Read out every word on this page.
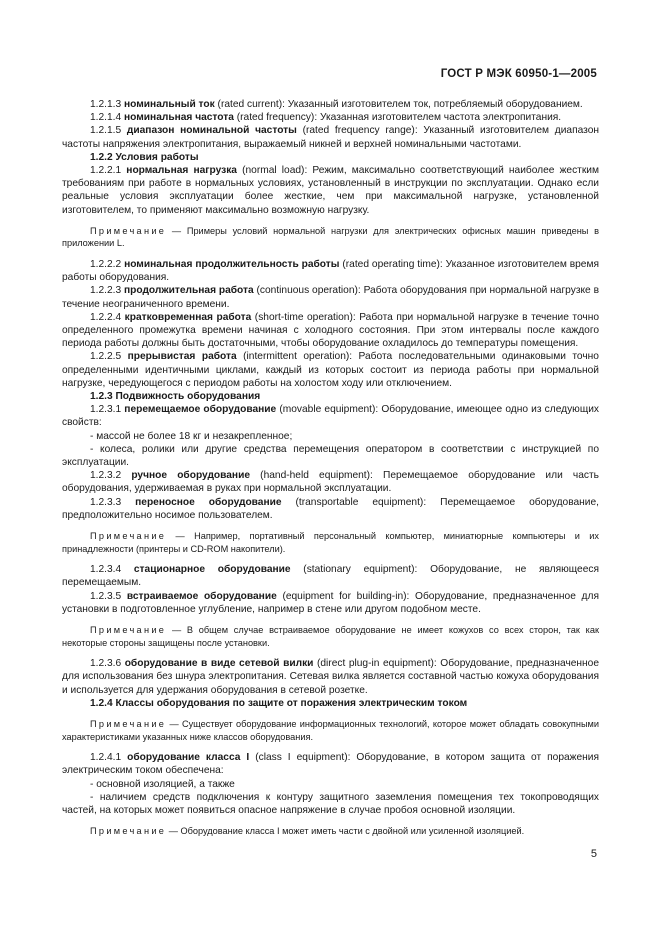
ГОСТ Р МЭК 60950-1—2005

1.2.1.3 номинальный ток (rated current): Указанный изготовителем ток, потребляемый оборудованием.

1.2.1.4 номинальная частота (rated frequency): Указанная изготовителем частота электропитания.

1.2.1.5 диапазон номинальной частоты (rated frequency range): Указанный изготовителем диапазон частоты напряжения электропитания, выражаемый никней и верхней номинальными частотами.

1.2.2 Условия работы

1.2.2.1 нормальная нагрузка (normal load): Режим, максимально соответствующий наиболее жестким требованиям при работе в нормальных условиях, установленный в инструкции по эксплуатации. Однако если реальные условия эксплуатации более жесткие, чем при максимальной нагрузке, установленной изготовителем, то применяют максимально возможную нагрузку.

Примечание — Примеры условий нормальной нагрузки для электрических офисных машин приведены в приложении L.

1.2.2.2 номинальная продолжительность работы (rated operating time): Указанное изготовителем время работы оборудования.

1.2.2.3 продолжительная работа (continuous operation): Работа оборудования при нормальной нагрузке в течение неограниченного времени.

1.2.2.4 кратковременная работа (short-time operation): Работа при нормальной нагрузке в течение точно определенного промежутка времени начиная с холодного состояния. При этом интервалы после каждого периода работы должны быть достаточными, чтобы оборудование охладилось до температуры помещения.

1.2.2.5 прерывистая работа (intermittent operation): Работа последовательными одинаковыми точно определенными идентичными циклами, каждый из которых состоит из периода работы при нормальной нагрузке, чередующегося с периодом работы на холостом ходу или отключением.

1.2.3 Подвижность оборудования

1.2.3.1 перемещаемое оборудование (movable equipment): Оборудование, имеющее одно из следующих свойств:

- массой не более 18 кг и незакрепленное;

- колеса, ролики или другие средства перемещения оператором в соответствии с инструкцией по эксплуатации.

1.2.3.2 ручное оборудование (hand-held equipment): Перемещаемое оборудование или часть оборудования, удерживаемая в руках при нормальной эксплуатации.

1.2.3.3 переносное оборудование (transportable equipment): Перемещаемое оборудование, предположительно носимое пользователем.

Примечание — Например, портативный персональный компьютер, миниатюрные компьютеры и их принадлежности (принтеры и CD-ROM накопители).

1.2.3.4 стационарное оборудование (stationary equipment): Оборудование, не являющееся перемещаемым.

1.2.3.5 встраиваемое оборудование (equipment for building-in): Оборудование, предназначенное для установки в подготовленное углубление, например в стене или другом подобном месте.

Примечание — В общем случае встраиваемое оборудование не имеет кожухов со всех сторон, так как некоторые стороны защищены после установки.

1.2.3.6 оборудование в виде сетевой вилки (direct plug-in equipment): Оборудование, предназначенное для использования без шнура электропитания. Сетевая вилка является составной частью кожуха оборудования и используется для удержания оборудования в сетевой розетке.

1.2.4 Классы оборудования по защите от поражения электрическим током

Примечание — Существует оборудование информационных технологий, которое может обладать совокупными характеристиками указанных ниже классов оборудования.

1.2.4.1 оборудование класса I (class I equipment): Оборудование, в котором защита от поражения электрическим током обеспечена:

- основной изоляцией, а также

- наличием средств подключения к контуру защитного заземления помещения тех токопроводящих частей, на которых может появиться опасное напряжение в случае пробоя основной изоляции.

Примечание — Оборудование класса I может иметь части с двойной или усиленной изоляцией.

5
